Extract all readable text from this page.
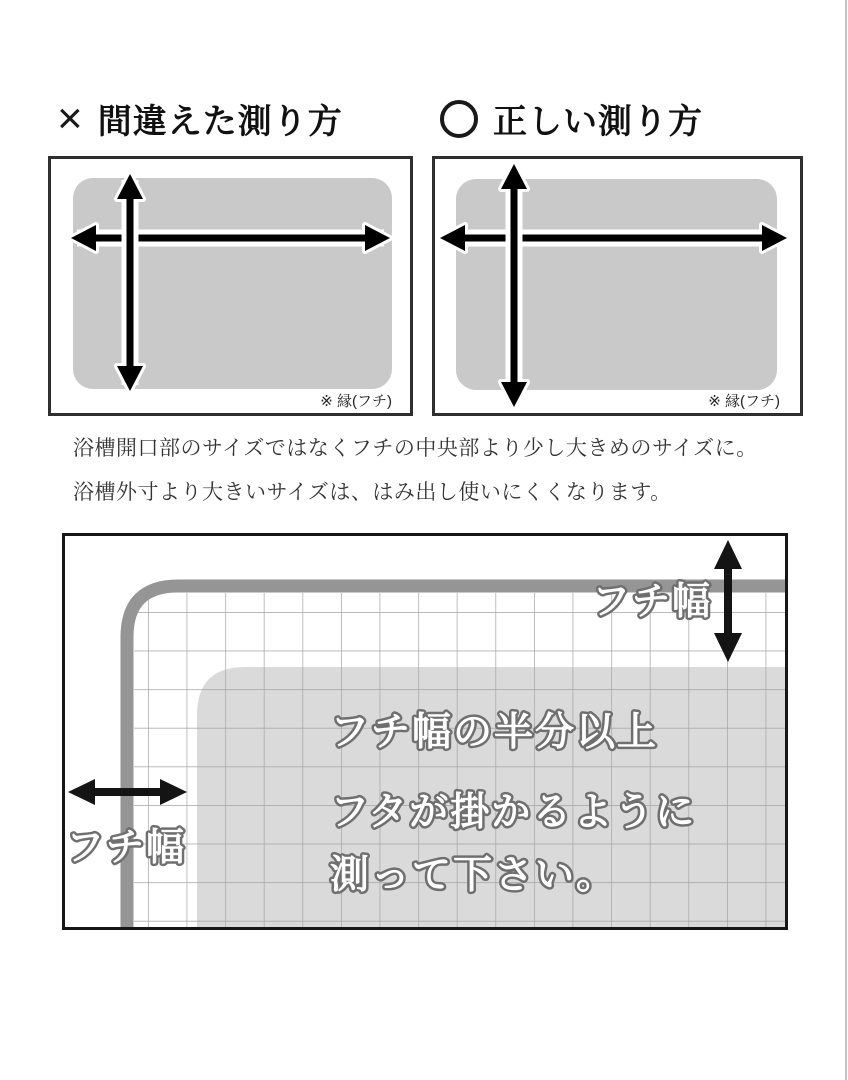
× 間違えた測り方	正しい測り方
※ 縁(フチ)	※ 縁(フチ)
浴槽開口部のサイズではなくフチの中央部より少し大きめのサイズに。
浴槽外寸より大きいサイズは、はみ出し使いにくくなります。
フチ幅
フチ幅
フチ幅の半分以上
フタが掛かるように
測って下さい。
